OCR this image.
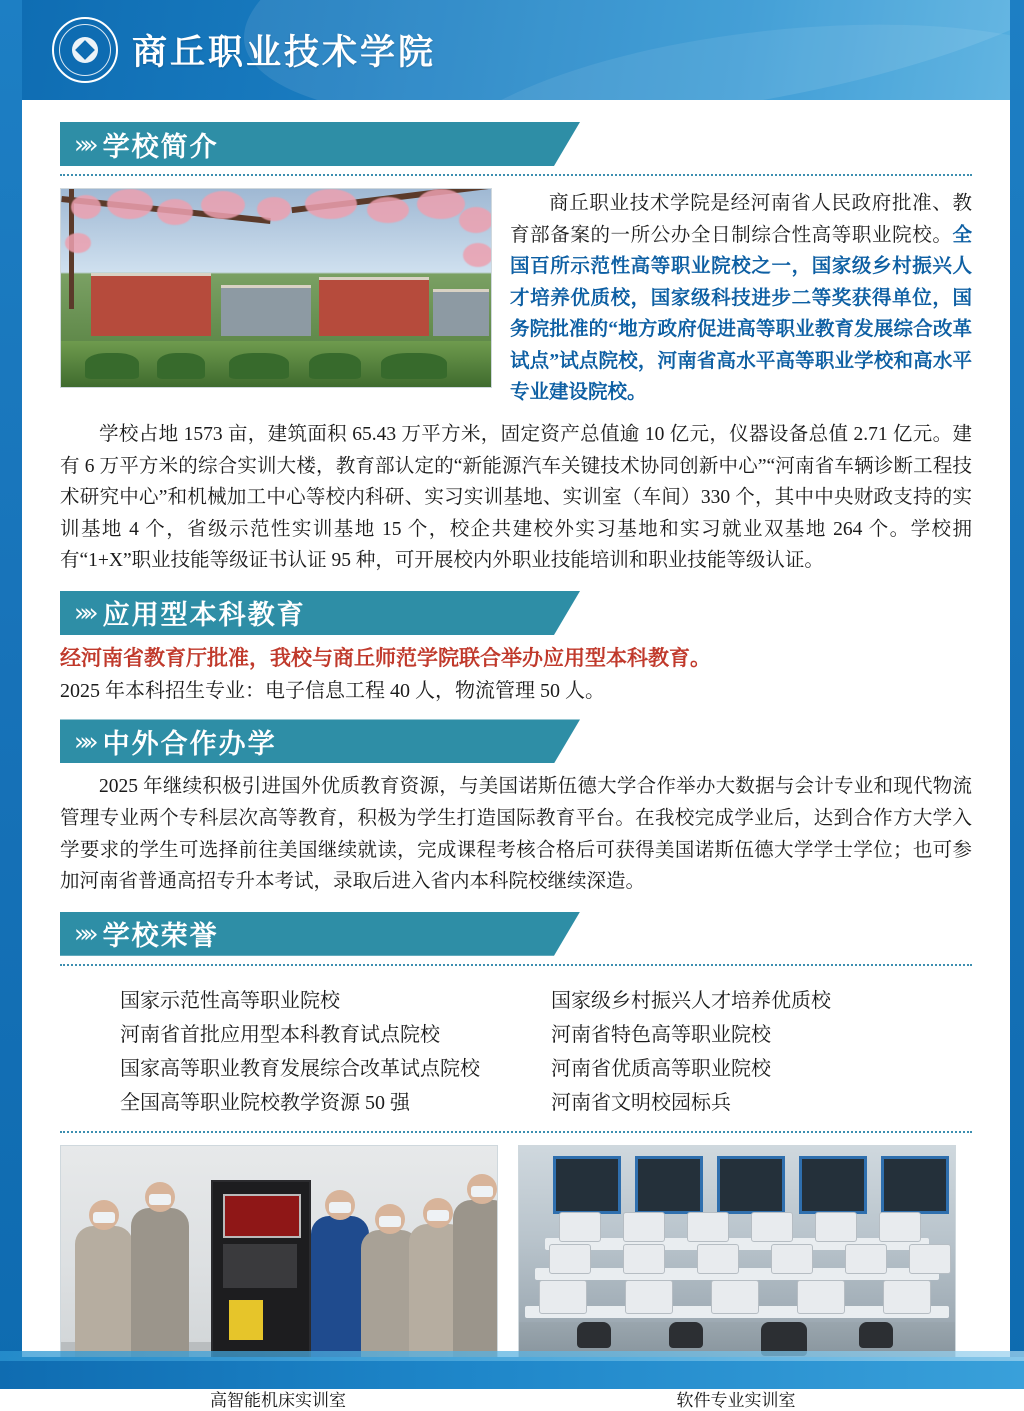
商丘职业技术学院
»» 学校简介
商丘职业技术学院是经河南省人民政府批准、教育部备案的一所公办全日制综合性高等职业院校。全国百所示范性高等职业院校之一，国家级乡村振兴人才培养优质校，国家级科技进步二等奖获得单位，国务院批准的“地方政府促进高等职业教育发展综合改革试点”试点院校，河南省高水平高等职业学校和高水平专业建设院校。

学校占地 1573 亩，建筑面积 65.43 万平方米，固定资产总值逾 10 亿元，仪器设备总值 2.71 亿元。建有 6 万平方米的综合实训大楼，教育部认定的“新能源汽车关键技术协同创新中心”“河南省车辆诊断工程技术研究中心”和机械加工中心等校内科研、实习实训基地、实训室（车间）330 个，其中中央财政支持的实训基地 4 个，省级示范性实训基地 15 个，校企共建校外实习基地和实习就业双基地 264 个。学校拥有“1+X”职业技能等级证书认证 95 种，可开展校内外职业技能培训和职业技能等级认证。

»» 应用型本科教育
经河南省教育厅批准，我校与商丘师范学院联合举办应用型本科教育。
2025 年本科招生专业：电子信息工程 40 人，物流管理 50 人。
»» 中外合作办学

2025 年继续积极引进国外优质教育资源，与美国诺斯伍德大学合作举办大数据与会计专业和现代物流管理专业两个专科层次高等教育，积极为学生打造国际教育平台。在我校完成学业后，达到合作方大学入学要求的学生可选择前往美国继续就读，完成课程考核合格后可获得美国诺斯伍德大学学士学位；也可参加河南省普通高招专升本考试，录取后进入省内本科院校继续深造。

»» 学校荣誉
国家示范性高等职业院校	国家级乡村振兴人才培养优质校
河南省首批应用型本科教育试点院校	河南省特色高等职业院校
国家高等职业教育发展综合改革试点院校	河南省优质高等职业院校
全国高等职业院校教学资源 50 强	河南省文明校园标兵
高智能机床实训室	软件专业实训室
